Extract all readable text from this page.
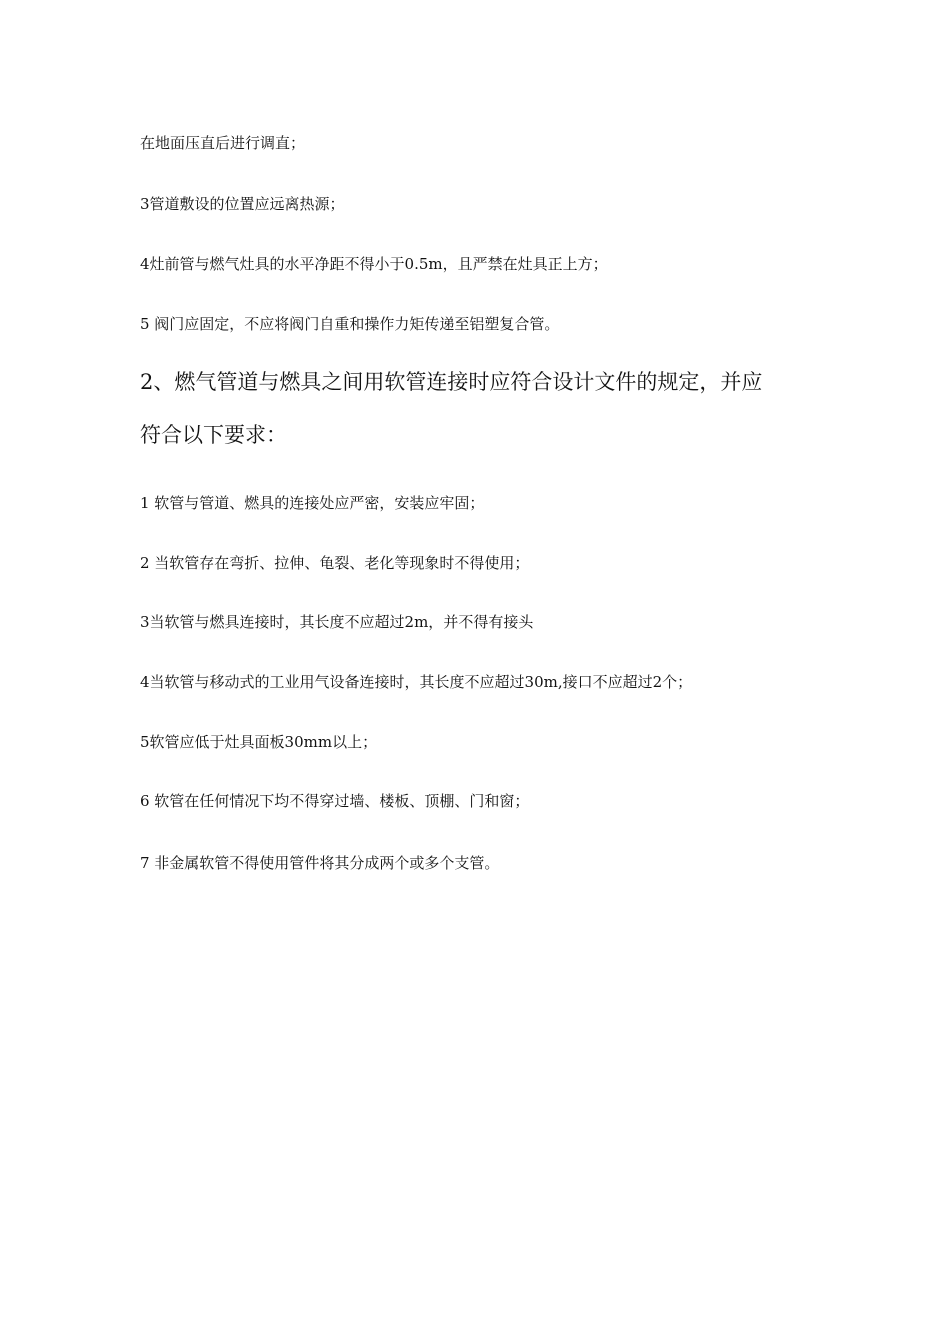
在地面压直后进行调直；
3管道敷设的位置应远离热源；
4灶前管与燃气灶具的水平净距不得小于0.5m，且严禁在灶具正上方；
5 阀门应固定，不应将阀门自重和操作力矩传递至铝塑复合管。
2、燃气管道与燃具之间用软管连接时应符合设计文件的规定，并应
符合以下要求：
1 软管与管道、燃具的连接处应严密，安装应牢固；
2 当软管存在弯折、拉伸、龟裂、老化等现象时不得使用；
3当软管与燃具连接时，其长度不应超过2m，并不得有接头
4当软管与移动式的工业用气设备连接时，其长度不应超过30m,接口不应超过2个；
5软管应低于灶具面板30mm以上；
6 软管在任何情况下均不得穿过墙、楼板、顶棚、门和窗；
7 非金属软管不得使用管件将其分成两个或多个支管。
